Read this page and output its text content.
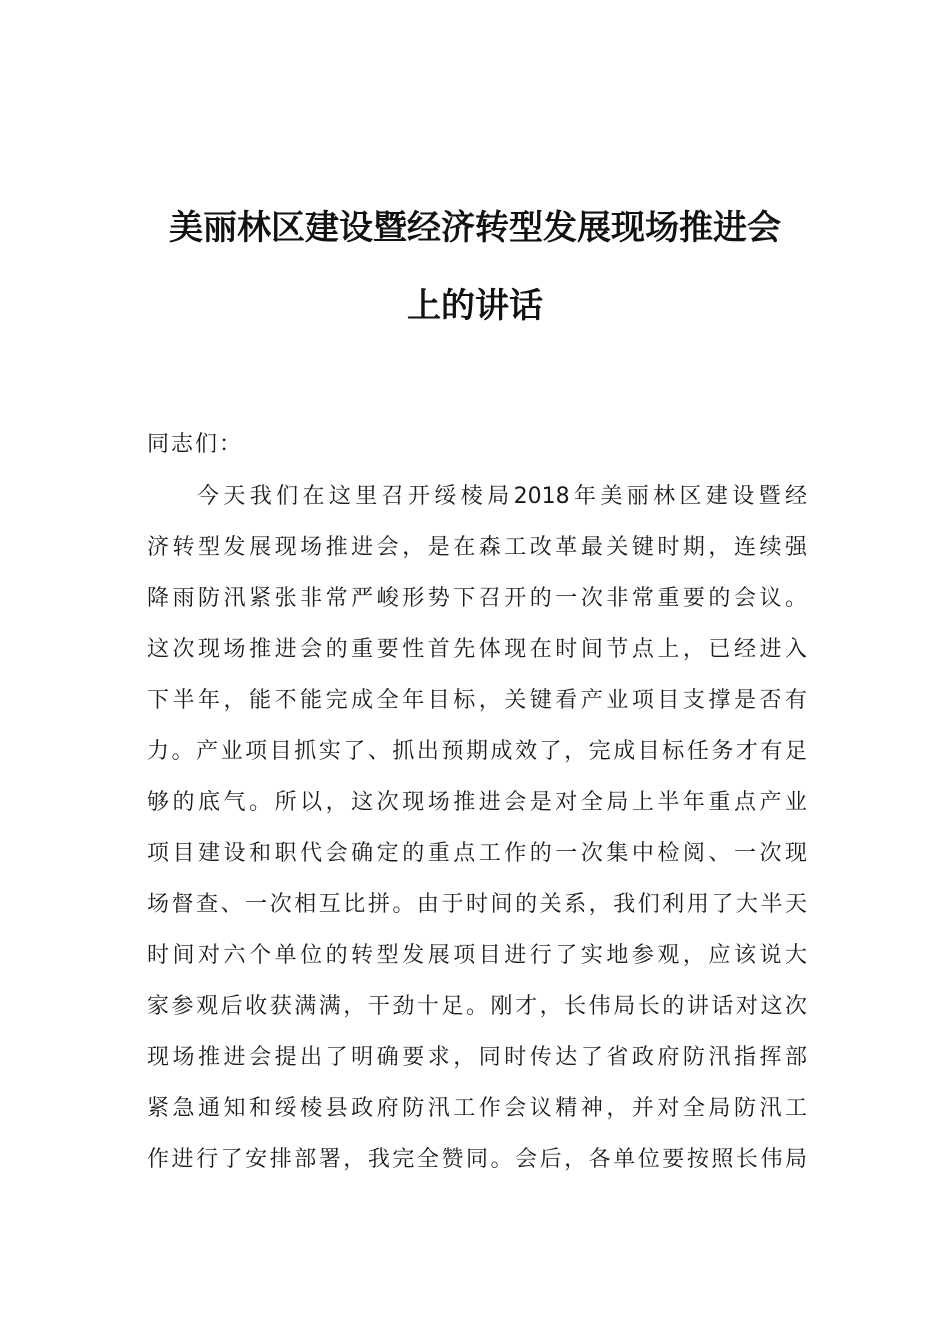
美丽林区建设暨经济转型发展现场推进会
上的讲话

同志们：

今天我们在这里召开绥棱局2018年美丽林区建设暨经
济转型发展现场推进会，是在森工改革最关键时期，连续强
降雨防汛紧张非常严峻形势下召开的一次非常重要的会议。
这次现场推进会的重要性首先体现在时间节点上，已经进入
下半年，能不能完成全年目标，关键看产业项目支撑是否有
力。产业项目抓实了、抓出预期成效了，完成目标任务才有足
够的底气。所以，这次现场推进会是对全局上半年重点产业
项目建设和职代会确定的重点工作的一次集中检阅、一次现
场督查、一次相互比拼。由于时间的关系，我们利用了大半天
时间对六个单位的转型发展项目进行了实地参观，应该说大
家参观后收获满满，干劲十足。刚才，长伟局长的讲话对这次
现场推进会提出了明确要求，同时传达了省政府防汛指挥部
紧急通知和绥棱县政府防汛工作会议精神，并对全局防汛工
作进行了安排部署，我完全赞同。会后，各单位要按照长伟局
